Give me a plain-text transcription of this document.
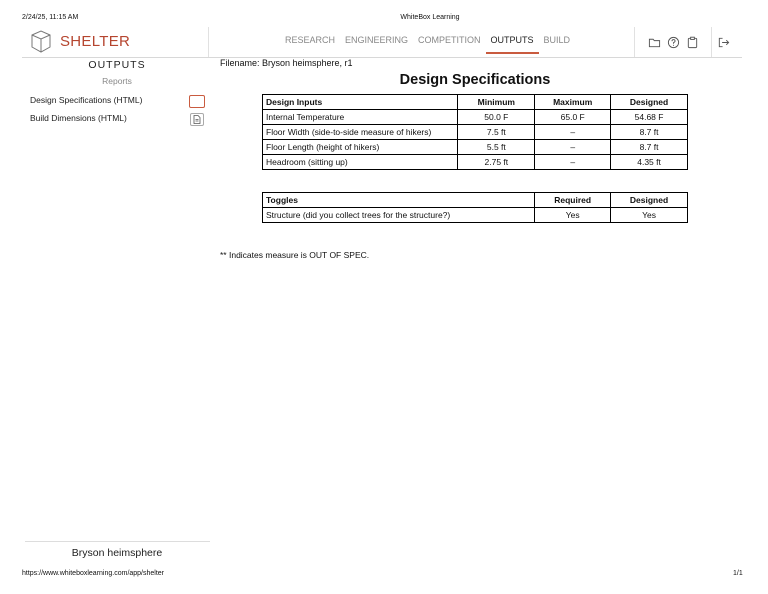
2/24/25, 11:15 AM	WhiteBox Learning
SHELTER	RESEARCH	ENGINEERING	COMPETITION	OUTPUTS	BUILD
OUTPUTS
Reports
Design Specifications (HTML)
Build Dimensions (HTML)
Bryson heimsphere
Filename: Bryson heimsphere, r1
Design Specifications
Design Inputs	Minimum	Maximum	Designed
Internal Temperature	50.0 F	65.0 F	54.68 F
Floor Width (side-to-side measure of hikers)	7.5 ft	–	8.7 ft
Floor Length (height of hikers)	5.5 ft	–	8.7 ft
Headroom (sitting up)	2.75 ft	–	4.35 ft
Toggles	Required	Designed
Structure (did you collect trees for the structure?)	Yes	Yes
** Indicates measure is OUT OF SPEC.
https://www.whiteboxlearning.com/app/shelter	1/1
